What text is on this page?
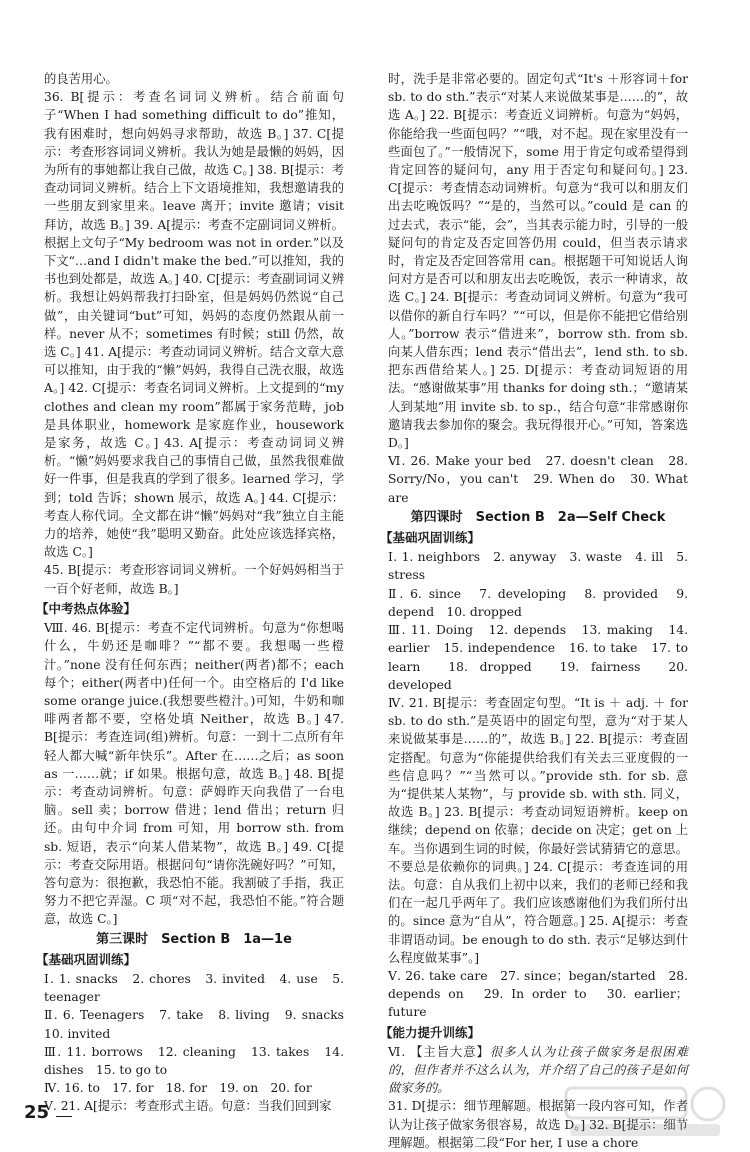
的良苦用心。

36. B[提示：考查名词词义辨析。结合前面句子“When I had something difficult to do”推知，我有困难时，想向妈妈寻求帮助，故选 B。] 37. C[提示：考查形容词词义辨析。我认为她是最懒的妈妈，因为所有的事她都让我自己做，故选 C。] 38. B[提示：考查动词词义辨析。结合上下文语境推知，我想邀请我的一些朋友到家里来。leave 离开；invite 邀请；visit 拜访，故选 B。] 39. A[提示：考查不定副词词义辨析。根据上文句子“My bedroom was not in order.”以及下文“…and I didn't make the bed.”可以推知，我的书也到处都是，故选 A。] 40. C[提示：考查副词词义辨析。我想让妈妈帮我打扫卧室，但是妈妈仍然说“自己做”，由关键词“but”可知，妈妈的态度仍然跟从前一样。never 从不；sometimes 有时候；still 仍然，故选 C。] 41. A[提示：考查动词词义辨析。结合文章大意可以推知，由于我的“懒”妈妈，我得自己洗衣服，故选 A。] 42. C[提示：考查名词词义辨析。上文提到的“my clothes and clean my room”都属于家务范畴，job 是具体职业，homework 是家庭作业，housework 是家务，故选 C。] 43. A[提示：考查动词词义辨析。“懒”妈妈要求我自己的事情自己做，虽然我很难做好一件事，但是我真的学到了很多。learned 学习，学到；told 告诉；shown 展示，故选 A。] 44. C[提示：考查人称代词。全文都在讲“懒”妈妈对“我”独立自主能力的培养，她使“我”聪明又勤奋。此处应该选择宾格，故选 C。]

45. B[提示：考查形容词词义辨析。一个好妈妈相当于一百个好老师，故选 B。]

【中考热点体验】

Ⅷ. 46. B[提示：考查不定代词辨析。句意为“你想喝什么，牛奶还是咖啡？”“都不要。我想喝一些橙汁。”none 没有任何东西；neither(两者)都不；each 每个；either(两者中)任何一个。由空格后的 I'd like some orange juice.(我想要些橙汁。)可知，牛奶和咖啡两者都不要，空格处填 Neither，故选 B。] 47. B[提示：考查连词(组)辨析。句意：一到十二点所有年轻人都大喊“新年快乐”。After 在……之后；as soon as 一……就；if 如果。根据句意，故选 B。] 48. B[提示：考查动词辨析。句意：萨姆昨天向我借了一台电脑。sell 卖；borrow 借进；lend 借出；return 归还。由句中介词 from 可知，用 borrow sth. from sb. 短语，表示“向某人借某物”，故选 B。] 49. C[提示：考查交际用语。根据问句“请你洗碗好吗？”可知，答句意为：很抱歉，我恐怕不能。我割破了手指，我正努力不把它弄湿。C 项“对不起，我恐怕不能。”符合题意，故选 C。]

第三课时　Section B　1a—1e
【基础巩固训练】

Ⅰ. 1. snacks　2. chores　3. invited　4. use　5. teenager

Ⅱ. 6. Teenagers　7. take　8. living　9. snacks　10. invited

Ⅲ. 11. borrows　12. cleaning　13. takes　14. dishes　15. to go to

Ⅳ. 16. to　17. for　18. for　19. on　20. for

Ⅴ. 21. A[提示：考查形式主语。句意：当我们回到家

时，洗手是非常必要的。固定句式“It's ＋形容词＋for sb. to do sth.”表示“对某人来说做某事是……的”，故选 A。] 22. B[提示：考查近义词辨析。句意为“妈妈，你能给我一些面包吗？”“哦，对不起。现在家里没有一些面包了。”一般情况下，some 用于肯定句或希望得到肯定回答的疑问句，any 用于否定句和疑问句。] 23. C[提示：考查情态动词辨析。句意为“我可以和朋友们出去吃晚饭吗？”“是的，当然可以。”could 是 can 的过去式，表示“能，会”，当其表示能力时，引导的一般疑问句的肯定及否定回答仍用 could，但当表示请求时，肯定及否定回答常用 can。根据题干可知说话人询问对方是否可以和朋友出去吃晚饭，表示一种请求，故选 C。] 24. B[提示：考查动词词义辨析。句意为“我可以借你的新自行车吗？”“可以，但是你不能把它借给别人。”borrow 表示“借进来”，borrow sth. from sb. 向某人借东西；lend 表示“借出去”，lend sth. to sb. 把东西借给某人。] 25. D[提示：考查动词短语的用法。“感谢做某事”用 thanks for doing sth.；“邀请某人到某地”用 invite sb. to sp.，结合句意“非常感谢你邀请我去参加你的聚会。我玩得很开心。”可知，答案选 D。]

Ⅵ. 26. Make your bed　27. doesn't clean　28. Sorry/No，you can't　29. When do　30. What are

第四课时　Section B　2a—Self Check
【基础巩固训练】

Ⅰ. 1. neighbors　2. anyway　3. waste　4. ill　5. stress

Ⅱ. 6. since　7. developing　8. provided　9. depend　10. dropped

Ⅲ. 11. Doing　12. depends　13. making　14. earlier　15. independence　16. to take　17. to learn　18. dropped　19. fairness　20. developed

Ⅳ. 21. B[提示：考查固定句型。“It is ＋ adj. ＋ for sb. to do sth.”是英语中的固定句型，意为“对于某人来说做某事是……的”，故选 B。] 22. B[提示：考查固定搭配。句意为“你能提供给我们有关去三亚度假的一些信息吗？”“当然可以。”provide sth. for sb. 意为“提供某人某物”，与 provide sb. with sth. 同义，故选 B。] 23. B[提示：考查动词短语辨析。keep on 继续；depend on 依靠；decide on 决定；get on 上车。当你遇到生词的时候，你最好尝试猜猜它的意思。不要总是依赖你的词典。] 24. C[提示：考查连词的用法。句意：自从我们上初中以来，我们的老师已经和我们在一起几乎两年了。我们应该感谢他们为我们所付出的。since 意为“自从”，符合题意。] 25. A[提示：考查非谓语动词。be enough to do sth. 表示“足够达到什么程度做某事”。]

Ⅴ. 26. take care　27. since；began/started　28. depends on　29. In order to　30. earlier；future

【能力提升训练】

Ⅵ. 【主旨大意】很多人认为让孩子做家务是很困难的，但作者并不这么认为，并介绍了自己的孩子是如何做家务的。

31. D[提示：细节理解题。根据第一段内容可知，作者认为让孩子做家务很容易，故选 D。] 32. B[提示：细节理解题。根据第二段“For her, I use a chore

25
